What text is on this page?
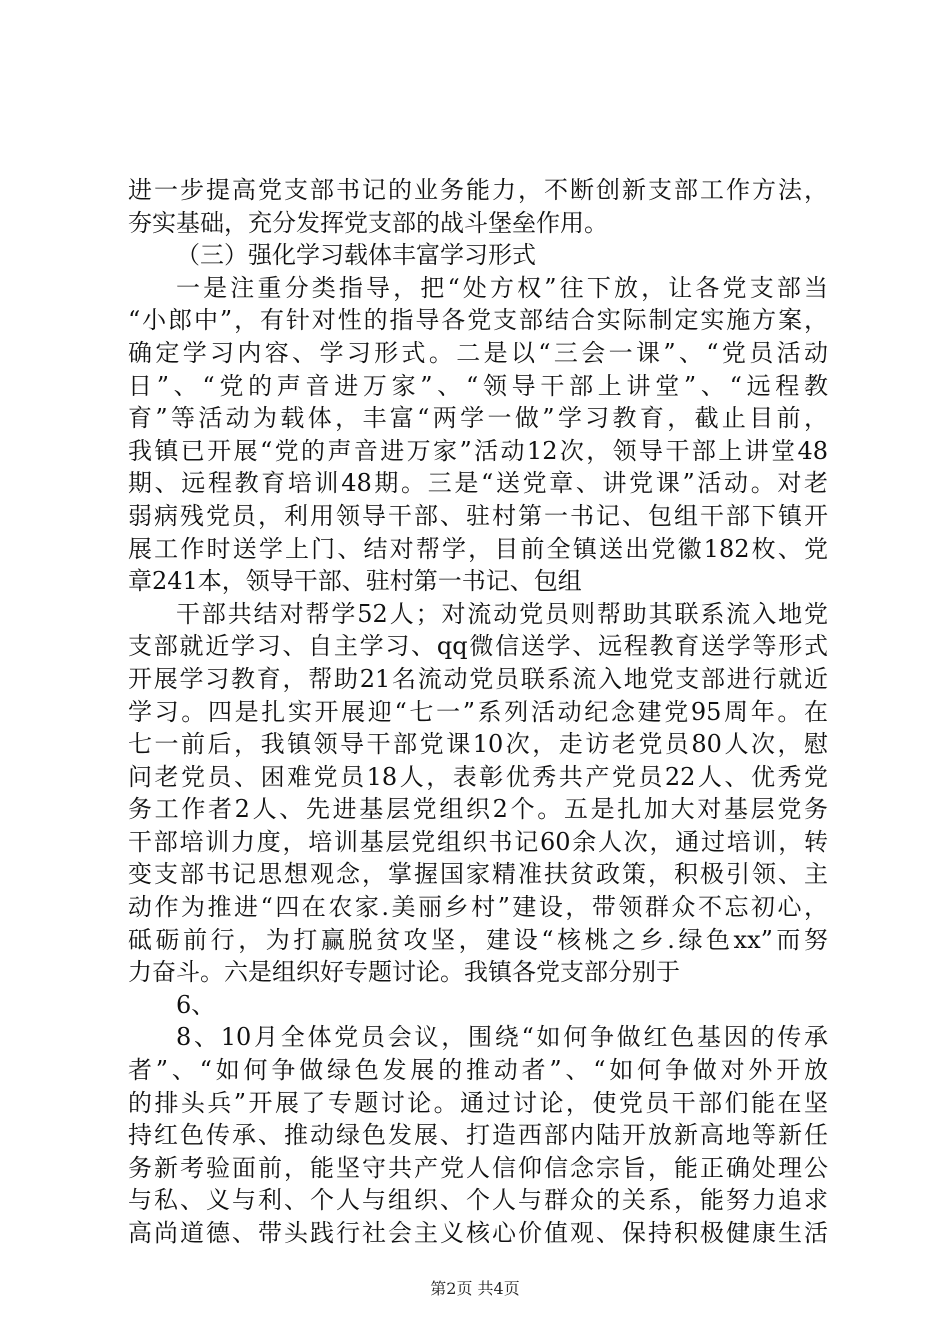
进一步提高党支部书记的业务能力，不断创新支部工作方法，
夯实基础，充分发挥党支部的战斗堡垒作用。
（三）强化学习载体丰富学习形式
一是注重分类指导，把“处方权”往下放，让各党支部当
“小郎中”，有针对性的指导各党支部结合实际制定实施方案，
确定学习内容、学习形式。二是以“三会一课”、“党员活动
日”、“党的声音进万家”、“领导干部上讲堂”、“远程教
育”等活动为载体，丰富“两学一做”学习教育，截止目前，
我镇已开展“党的声音进万家”活动12次，领导干部上讲堂48
期、远程教育培训48期。三是“送党章、讲党课”活动。对老
弱病残党员，利用领导干部、驻村第一书记、包组干部下镇开
展工作时送学上门、结对帮学，目前全镇送出党徽182枚、党
章241本，领导干部、驻村第一书记、包组
干部共结对帮学52人；对流动党员则帮助其联系流入地党
支部就近学习、自主学习、qq微信送学、远程教育送学等形式
开展学习教育，帮助21名流动党员联系流入地党支部进行就近
学习。四是扎实开展迎“七一”系列活动纪念建党95周年。在
七一前后，我镇领导干部党课10次，走访老党员80人次，慰
问老党员、困难党员18人，表彰优秀共产党员22人、优秀党
务工作者2人、先进基层党组织2个。五是扎加大对基层党务
干部培训力度，培训基层党组织书记60余人次，通过培训，转
变支部书记思想观念，掌握国家精准扶贫政策，积极引领、主
动作为推进“四在农家.美丽乡村”建设，带领群众不忘初心，
砥砺前行，为打赢脱贫攻坚，建设“核桃之乡.绿色xx”而努
力奋斗。六是组织好专题讨论。我镇各党支部分别于
6、
8、10月全体党员会议，围绕“如何争做红色基因的传承
者”、“如何争做绿色发展的推动者”、“如何争做对外开放
的排头兵”开展了专题讨论。通过讨论，使党员干部们能在坚
持红色传承、推动绿色发展、打造西部内陆开放新高地等新任
务新考验面前，能坚守共产党人信仰信念宗旨，能正确处理公
与私、义与利、个人与组织、个人与群众的关系，能努力追求
高尚道德、带头践行社会主义核心价值观、保持积极健康生活
第2页 共4页
